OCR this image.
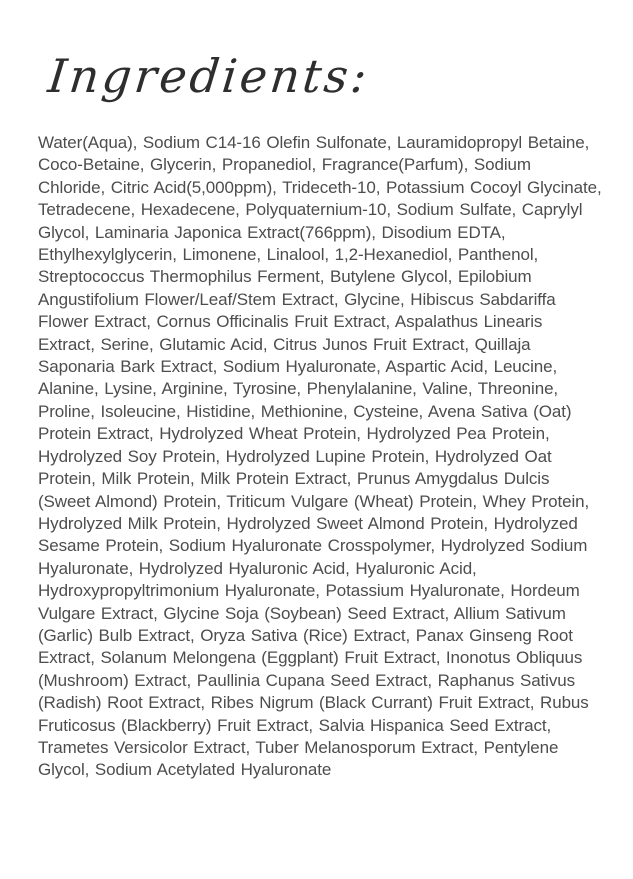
Ingredients:

Water(Aqua), Sodium C14-16 Olefin Sulfonate, Lauramidopropyl Betaine, Coco-Betaine, Glycerin, Propanediol, Fragrance(Parfum), Sodium Chloride, Citric Acid(5,000ppm), Trideceth-10, Potassium Cocoyl Glycinate, Tetradecene, Hexadecene, Polyquaternium-10, Sodium Sulfate, Caprylyl Glycol, Laminaria Japonica Extract(766ppm), Disodium EDTA, Ethylhexylglycerin, Limonene, Linalool, 1,2-Hexanediol, Panthenol, Streptococcus Thermophilus Ferment, Butylene Glycol, Epilobium Angustifolium Flower/Leaf/Stem Extract, Glycine, Hibiscus Sabdariffa Flower Extract, Cornus Officinalis Fruit Extract, Aspalathus Linearis Extract, Serine, Glutamic Acid, Citrus Junos Fruit Extract, Quillaja Saponaria Bark Extract, Sodium Hyaluronate, Aspartic Acid, Leucine, Alanine, Lysine, Arginine, Tyrosine, Phenylalanine, Valine, Threonine, Proline, Isoleucine, Histidine, Methionine, Cysteine, Avena Sativa (Oat) Protein Extract, Hydrolyzed Wheat Protein, Hydrolyzed Pea Protein, Hydrolyzed Soy Protein, Hydrolyzed Lupine Protein, Hydrolyzed Oat Protein, Milk Protein, Milk Protein Extract, Prunus Amygdalus Dulcis (Sweet Almond) Protein, Triticum Vulgare (Wheat) Protein, Whey Protein, Hydrolyzed Milk Protein, Hydrolyzed Sweet Almond Protein, Hydrolyzed Sesame Protein, Sodium Hyaluronate Crosspolymer, Hydrolyzed Sodium Hyaluronate, Hydrolyzed Hyaluronic Acid, Hyaluronic Acid, Hydroxypropyltrimonium Hyaluronate, Potassium Hyaluronate, Hordeum Vulgare Extract, Glycine Soja (Soybean) Seed Extract, Allium Sativum (Garlic) Bulb Extract, Oryza Sativa (Rice) Extract, Panax Ginseng Root Extract, Solanum Melongena (Eggplant) Fruit Extract, Inonotus Obliquus (Mushroom) Extract, Paullinia Cupana Seed Extract, Raphanus Sativus (Radish) Root Extract, Ribes Nigrum (Black Currant) Fruit Extract, Rubus Fruticosus (Blackberry) Fruit Extract, Salvia Hispanica Seed Extract, Trametes Versicolor Extract, Tuber Melanosporum Extract, Pentylene Glycol, Sodium Acetylated Hyaluronate
